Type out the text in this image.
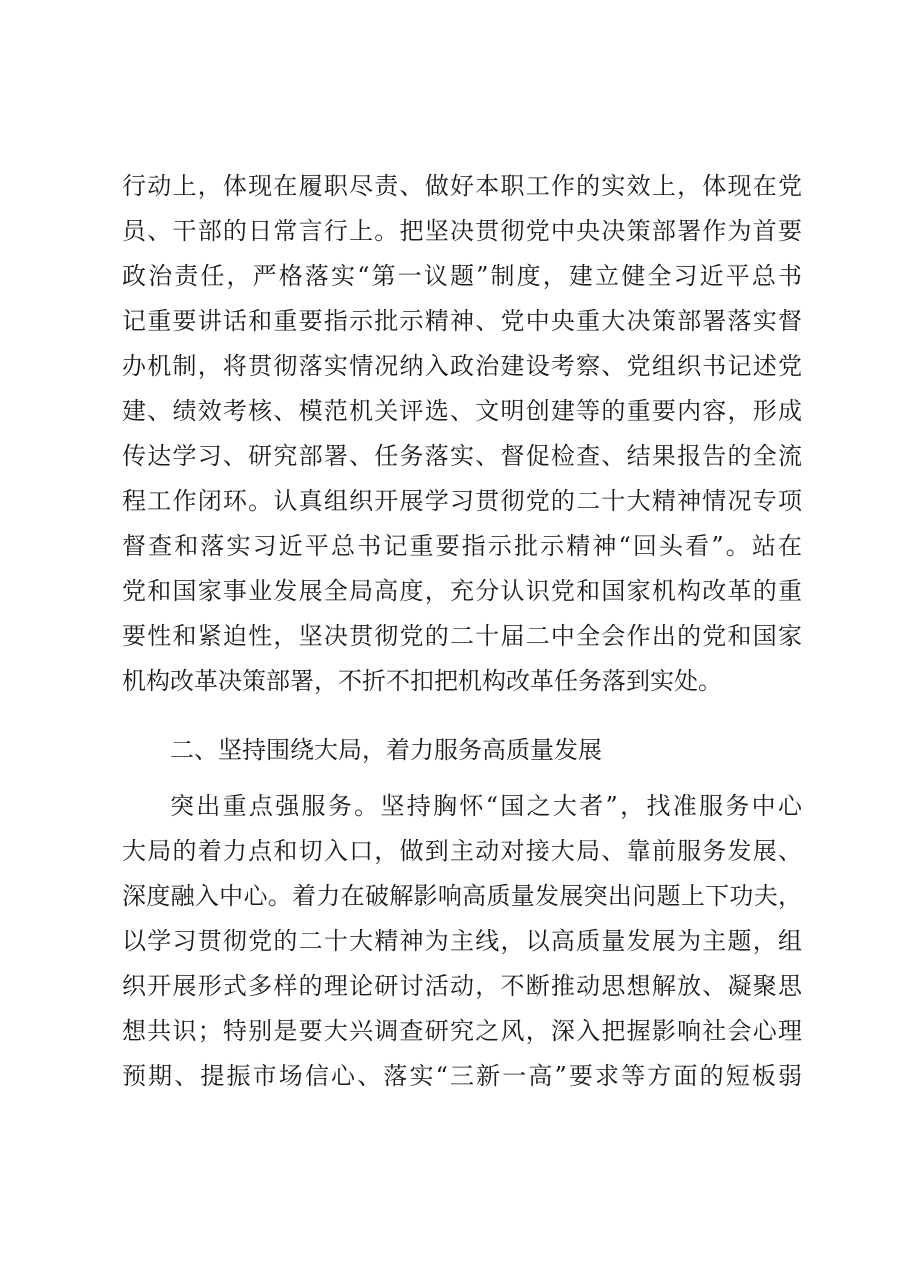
行动上，体现在履职尽责、做好本职工作的实效上，体现在党
员、干部的日常言行上。把坚决贯彻党中央决策部署作为首要
政治责任，严格落实“第一议题”制度，建立健全习近平总书
记重要讲话和重要指示批示精神、党中央重大决策部署落实督
办机制，将贯彻落实情况纳入政治建设考察、党组织书记述党
建、绩效考核、模范机关评选、文明创建等的重要内容，形成
传达学习、研究部署、任务落实、督促检查、结果报告的全流
程工作闭环。认真组织开展学习贯彻党的二十大精神情况专项
督查和落实习近平总书记重要指示批示精神“回头看”。站在
党和国家事业发展全局高度，充分认识党和国家机构改革的重
要性和紧迫性，坚决贯彻党的二十届二中全会作出的党和国家
机构改革决策部署，不折不扣把机构改革任务落到实处。
二、坚持围绕大局，着力服务高质量发展
突出重点强服务。坚持胸怀“国之大者”，找准服务中心
大局的着力点和切入口，做到主动对接大局、靠前服务发展、
深度融入中心。着力在破解影响高质量发展突出问题上下功夫，
以学习贯彻党的二十大精神为主线，以高质量发展为主题，组
织开展形式多样的理论研讨活动，不断推动思想解放、凝聚思
想共识；特别是要大兴调查研究之风，深入把握影响社会心理
预期、提振市场信心、落实“三新一高”要求等方面的短板弱
